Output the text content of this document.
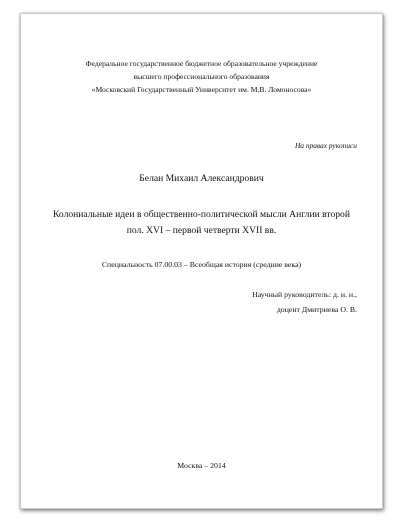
Федеральное государственное бюджетное образовательное учреждение
высшего профессионального образования
«Московский Государственный Университет им. М.В. Ломоносова»
На правах рукописи
Белан Михаил Александрович
Колониальные идеи в общественно-политической мысли Англии второй
пол. XVI – первой четверти XVII вв.
Специальность 07.00.03 – Всеобщая история (средние века)
Научный руководитель: д. и. н.,
доцент Дмитриева О. В.
Москва – 2014
